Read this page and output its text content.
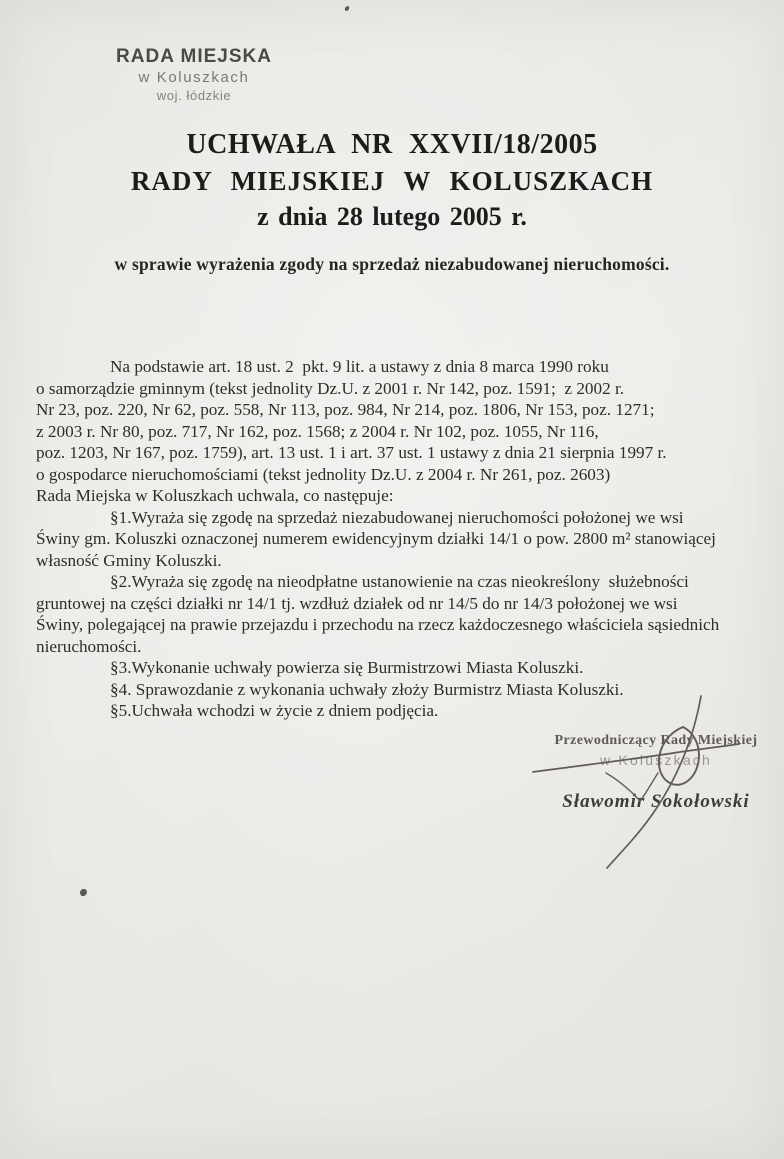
RADA MIEJSKA
w Koluszkach
woj. łódzkie
UCHWAŁA NR XXVII/18/2005
RADY MIEJSKIEJ W KOLUSZKACH
z dnia 28 lutego 2005 r.
w sprawie wyrażenia zgody na sprzedaż niezabudowanej nieruchomości.

Na podstawie art. 18 ust. 2  pkt. 9 lit. a ustawy z dnia 8 marca 1990 roku
o samorządzie gminnym (tekst jednolity Dz.U. z 2001 r. Nr 142, poz. 1591;  z 2002 r.
Nr 23, poz. 220, Nr 62, poz. 558, Nr 113, poz. 984, Nr 214, poz. 1806, Nr 153, poz. 1271;
z 2003 r. Nr 80, poz. 717, Nr 162, poz. 1568; z 2004 r. Nr 102, poz. 1055, Nr 116,
poz. 1203, Nr 167, poz. 1759), art. 13 ust. 1 i art. 37 ust. 1 ustawy z dnia 21 sierpnia 1997 r.
o gospodarce nieruchomościami (tekst jednolity Dz.U. z 2004 r. Nr 261, poz. 2603)
Rada Miejska w Koluszkach uchwala, co następuje:

§1.Wyraża się zgodę na sprzedaż niezabudowanej nieruchomości położonej we wsi
Świny gm. Koluszki oznaczonej numerem ewidencyjnym działki 14/1 o pow. 2800 m² stanowiącej
własność Gminy Koluszki.

§2.Wyraża się zgodę na nieodpłatne ustanowienie na czas nieokreślony  służebności
gruntowej na części działki nr 14/1 tj. wzdłuż działek od nr 14/5 do nr 14/3 położonej we wsi
Świny, polegającej na prawie przejazdu i przechodu na rzecz każdoczesnego właściciela sąsiednich
nieruchomości.

§3.Wykonanie uchwały powierza się Burmistrzowi Miasta Koluszki.

§4. Sprawozdanie z wykonania uchwały złoży Burmistrz Miasta Koluszki.

§5.Uchwała wchodzi w życie z dniem podjęcia.

Przewodniczący Rady Miejskiej
w Koluszkach
Sławomir Sokołowski
